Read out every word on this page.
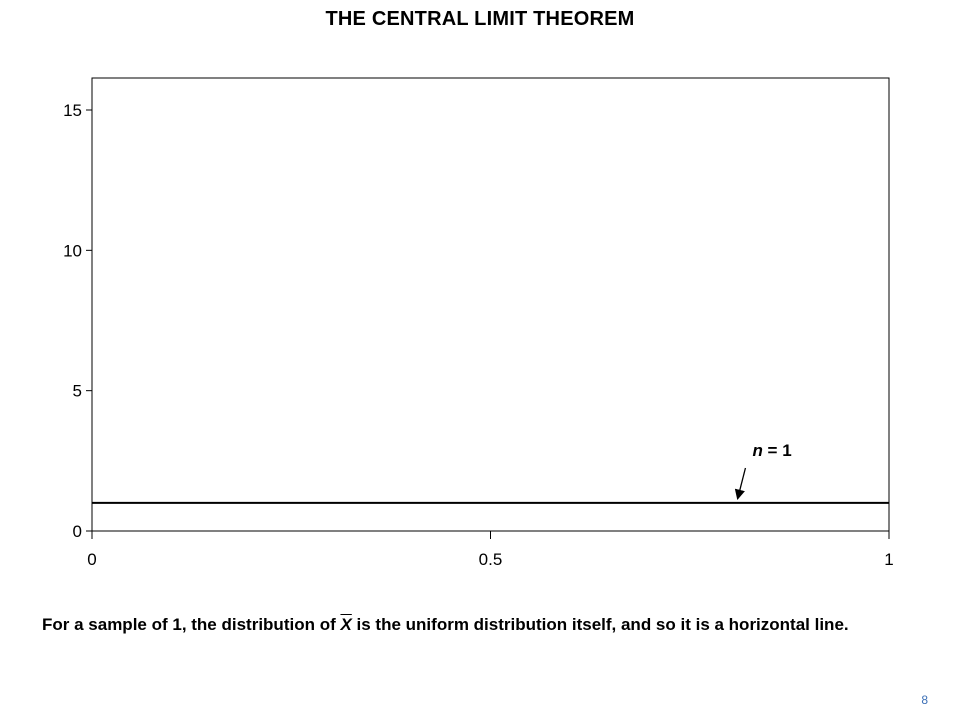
THE CENTRAL LIMIT THEOREM
0
5
10
15
0	0.5	1
n = 1
For a sample of 1, the distribution of $\overline{X}$ is the uniform distribution itself, and so it is a horizontal line.
8
